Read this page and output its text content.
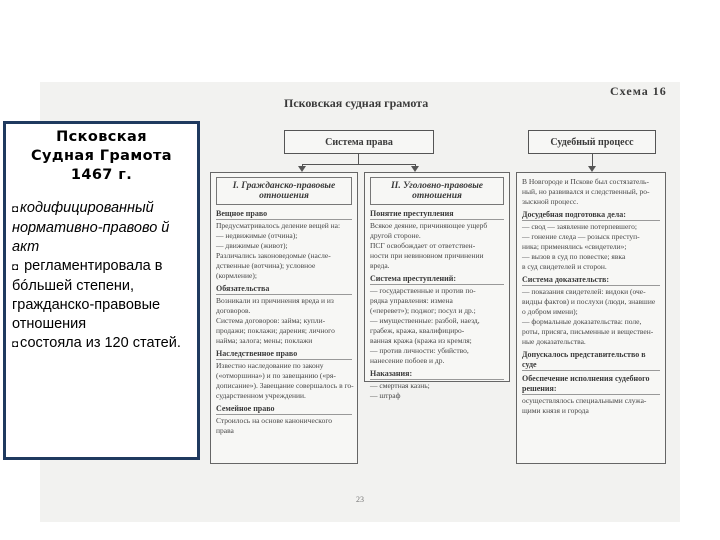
Схема 16
Псковская судная грамота
Система права	Судебный процесс
I. Гражданско-правовые отношения
Вещное право
Предусматривалось деление вещей на:
— недвижимые (отчина);
— движимые (живот);
Различались законоведомые (насле-
дственные (вотчина); условное
(кормление);
Обязательства
Возникали из причинения вреда и из
договоров.
Система договоров: займа; купли-
продажи; поклажи; дарения; личного
найма; залога; мены; поклажи
Наследственное право
Известно наследование по закону
(«отморшина») и по завещанию («ря-
дописание»). Завещание совершалось в го-
сударственном учреждении.
Семейное право
Строилось на основе канонического
права
II. Уголовно-правовые отношения
Понятие преступления
Всякое деяние, причиняющее ущерб
другой стороне.
ПСГ освобождает от ответствен-
ности при невиновном причинении
вреда.
Система преступлений:
— государственные и против по-
рядка управления: измена
(«перевет»); поджог; посул и др.;
— имущественные: разбой, наезд,
грабеж, кража, квалифициро-
ванная кража (кража из кремля;
— против личности: убийство,
нанесение побоев и др.
Наказания:
— смертная казнь;
— штраф
В Новгороде и Пскове был состязатель-
ный, но развивался и следственный, ро-
зыскной процесс.
Досудебная подготовка дела:
— свод — заявление потерпевшего;
— гонение следа — розыск преступ-
ника; применялись «свидетели»;
— вызов в суд по повестке; явка
в суд свидетелей и сторон.
Система доказательств:
— показания свидетелей: видоки (оче-
видцы фактов) и послухи (люди, знавшие
о добром имени);
— формальные доказательства: поле,
роты, присяга, письменные и веществен-
ные доказательства.
Допускалось представительство в суде
Обеспечение исполнения судебного решения:
осуществлялось специальными служа-
щими князя и города
23
Псковская
Судная Грамота
1467 г.
◘ кодифицированный нормативно-правово й акт
◘ регламентировала в бóльшей степени, гражданско-правовые отношения
◘ состояла из 120 статей.
